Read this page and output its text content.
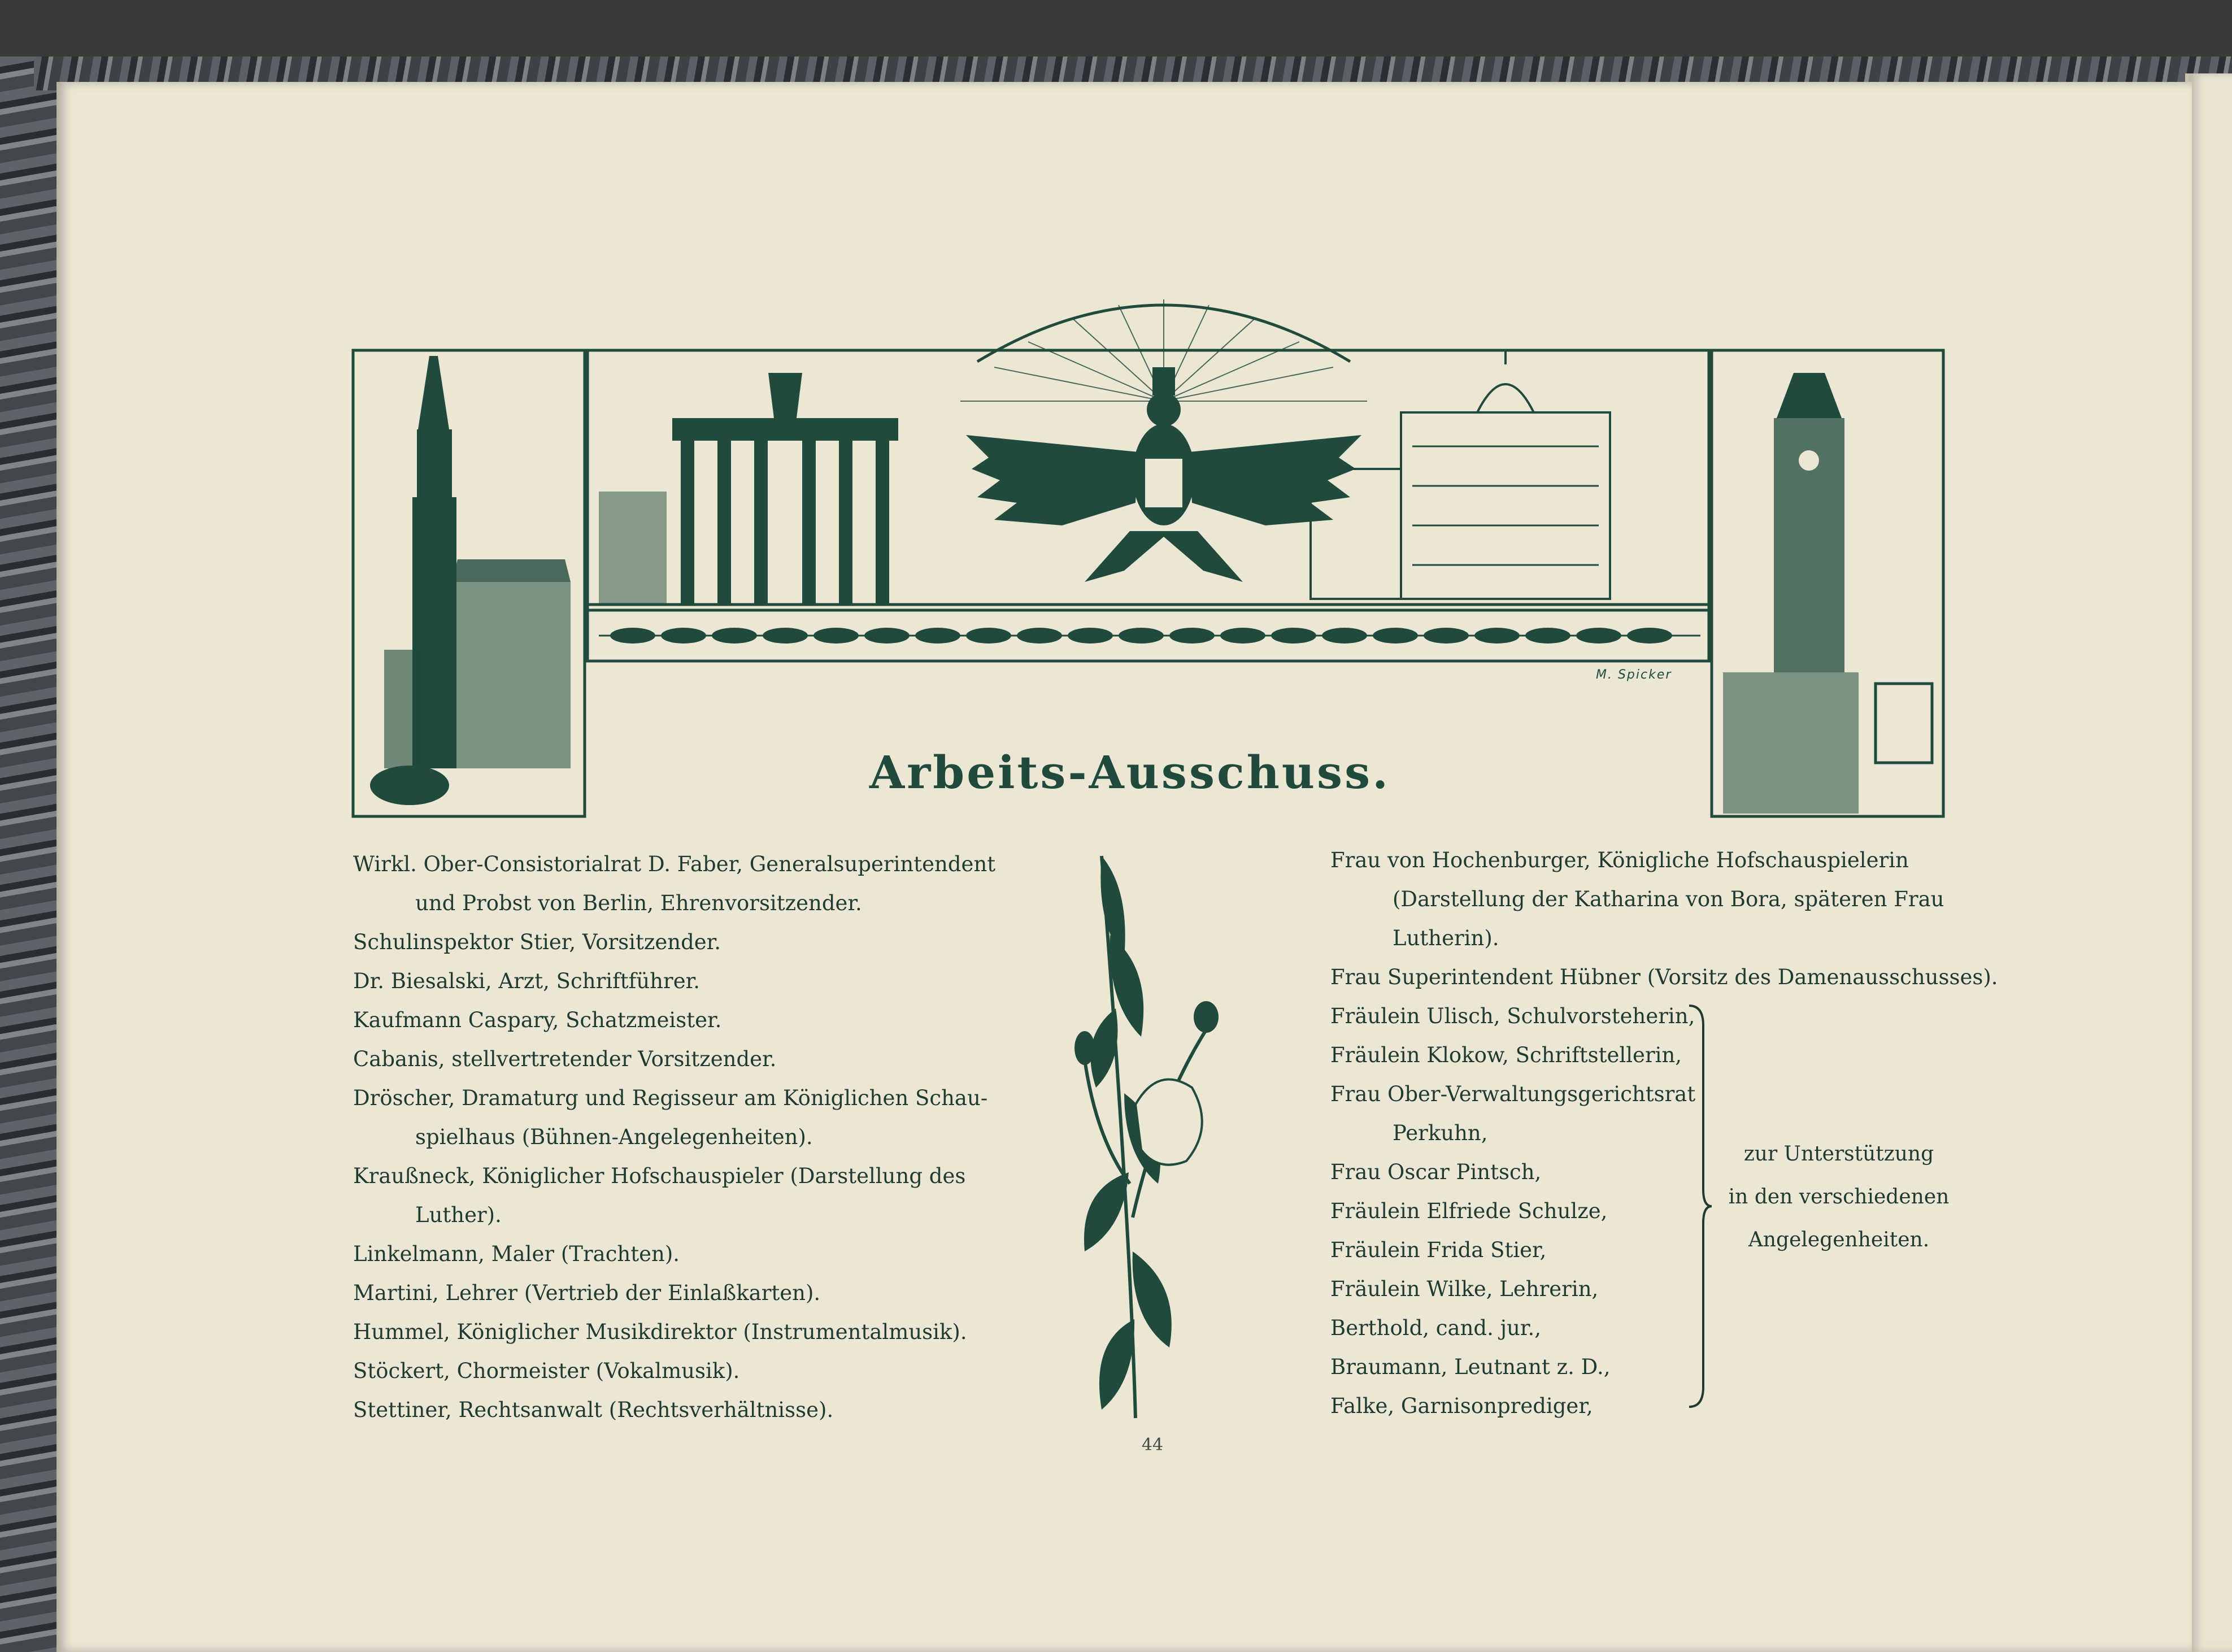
M. Spicker
Arbeits-Ausschuss.
Wirkl. Ober-Consistorialrat D. Faber, Generalsuperintendent
und Probst von Berlin, Ehrenvorsitzender.
Schulinspektor Stier, Vorsitzender.
Dr. Biesalski, Arzt, Schriftführer.
Kaufmann Caspary, Schatzmeister.
Cabanis, stellvertretender Vorsitzender.
Dröscher, Dramaturg und Regisseur am Königlichen Schau-
spielhaus (Bühnen-Angelegenheiten).
Kraußneck, Königlicher Hofschauspieler (Darstellung des
Luther).
Linkelmann, Maler (Trachten).
Martini, Lehrer (Vertrieb der Einlaßkarten).
Hummel, Königlicher Musikdirektor (Instrumentalmusik).
Stöckert, Chormeister (Vokalmusik).
Stettiner, Rechtsanwalt (Rechtsverhältnisse).
Frau von Hochenburger, Königliche Hofschauspielerin
(Darstellung der Katharina von Bora, späteren Frau
Lutherin).
Frau Superintendent Hübner (Vorsitz des Damenausschusses).
Fräulein Ulisch, Schulvorsteherin,
Fräulein Klokow, Schriftstellerin,
Frau Ober-Verwaltungsgerichtsrat
Perkuhn,
Frau Oscar Pintsch,
Fräulein Elfriede Schulze,
Fräulein Frida Stier,
Fräulein Wilke, Lehrerin,
Berthold, cand. jur.,
Braumann, Leutnant z. D.,
Falke, Garnisonprediger,
zur Unterstützung
in den verschiedenen
Angelegenheiten.
44
